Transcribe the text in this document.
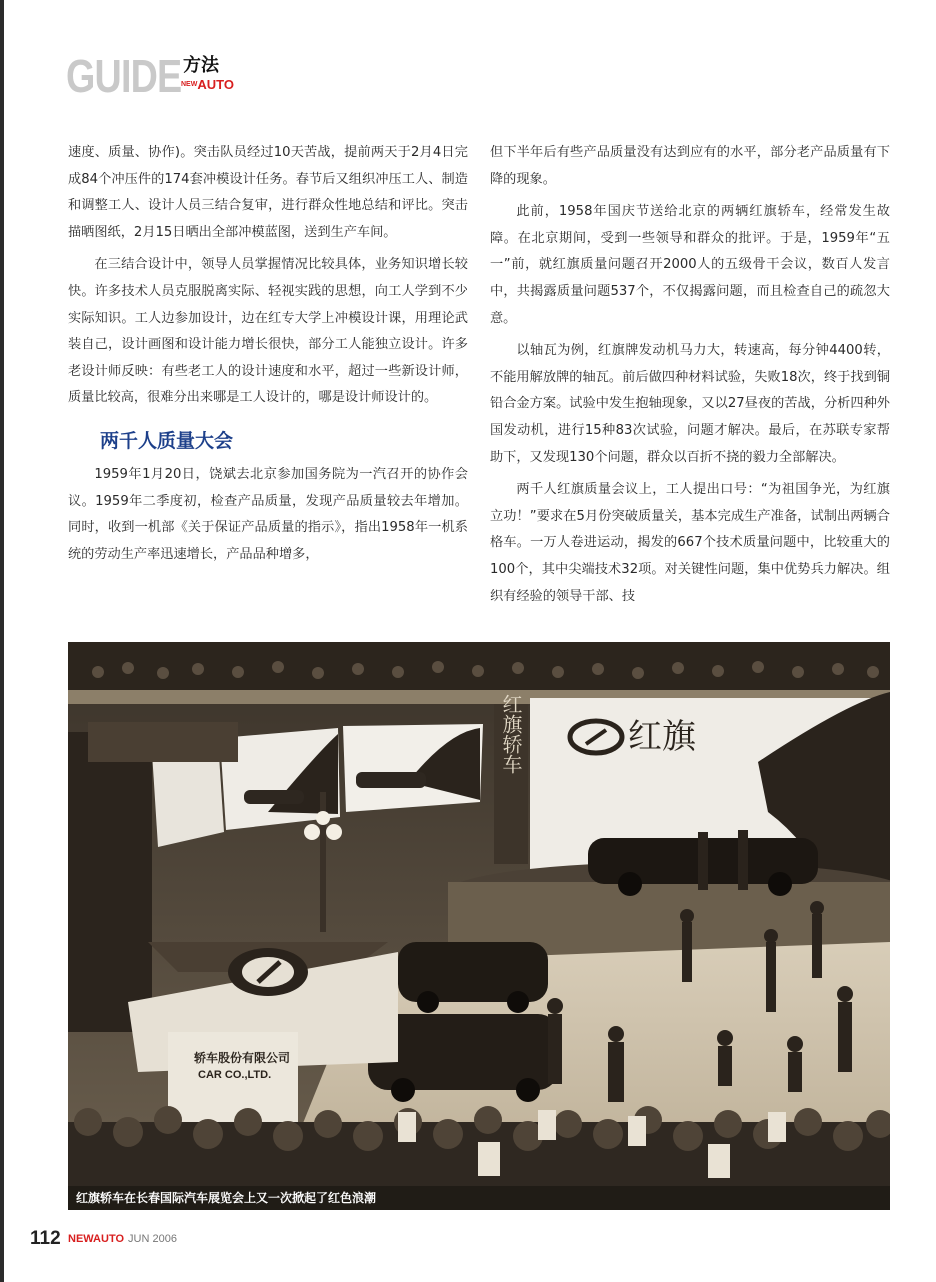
GUIDE 方法
$^{NEW}$AUTO

速度、质量、协作)。突击队员经过10天苦战，提前两天于2月4日完成84个冲压件的174套冲模设计任务。春节后又组织冲压工人、制造和调整工人、设计人员三结合复审，进行群众性地总结和评比。突击描晒图纸，2月15日晒出全部冲模蓝图，送到生产车间。

在三结合设计中，领导人员掌握情况比较具体，业务知识增长较快。许多技术人员克服脱离实际、轻视实践的思想，向工人学到不少实际知识。工人边参加设计，边在红专大学上冲模设计课，用理论武装自己，设计画图和设计能力增长很快，部分工人能独立设计。许多老设计师反映：有些老工人的设计速度和水平，超过一些新设计师，质量比较高，很难分出来哪是工人设计的，哪是设计师设计的。

两千人质量大会

1959年1月20日，饶斌去北京参加国务院为一汽召开的协作会议。1959年二季度初，检查产品质量，发现产品质量较去年增加。同时，收到一机部《关于保证产品质量的指示》，指出1958年一机系统的劳动生产率迅速增长，产品品种增多，

但下半年后有些产品质量没有达到应有的水平，部分老产品质量有下降的现象。

此前，1958年国庆节送给北京的两辆红旗轿车，经常发生故障。在北京期间，受到一些领导和群众的批评。于是，1959年“五一”前，就红旗质量问题召开2000人的五级骨干会议，数百人发言中，共揭露质量问题537个，不仅揭露问题，而且检查自己的疏忽大意。

以轴瓦为例，红旗牌发动机马力大，转速高，每分钟4400转，不能用解放牌的轴瓦。前后做四种材料试验，失败18次，终于找到铜铅合金方案。试验中发生抱轴现象，又以27昼夜的苦战，分析四种外国发动机，进行15种83次试验，问题才解决。最后，在苏联专家帮助下，又发现130个问题，群众以百折不挠的毅力全部解决。

两千人红旗质量会议上，工人提出口号：“为祖国争光，为红旗立功！”要求在5月份突破质量关，基本完成生产准备，试制出两辆合格车。一万人卷进运动，揭发的667个技术质量问题中，比较重大的100个，其中尖端技术32项。对关键性问题，集中优势兵力解决。组织有经验的领导干部、技

红旗
红旗轿车
轿车股份有限公司
CAR CO.,LTD.
红旗轿车在长春国际汽车展览会上又一次掀起了红色浪潮
112 NEWAUTO JUN 2006
